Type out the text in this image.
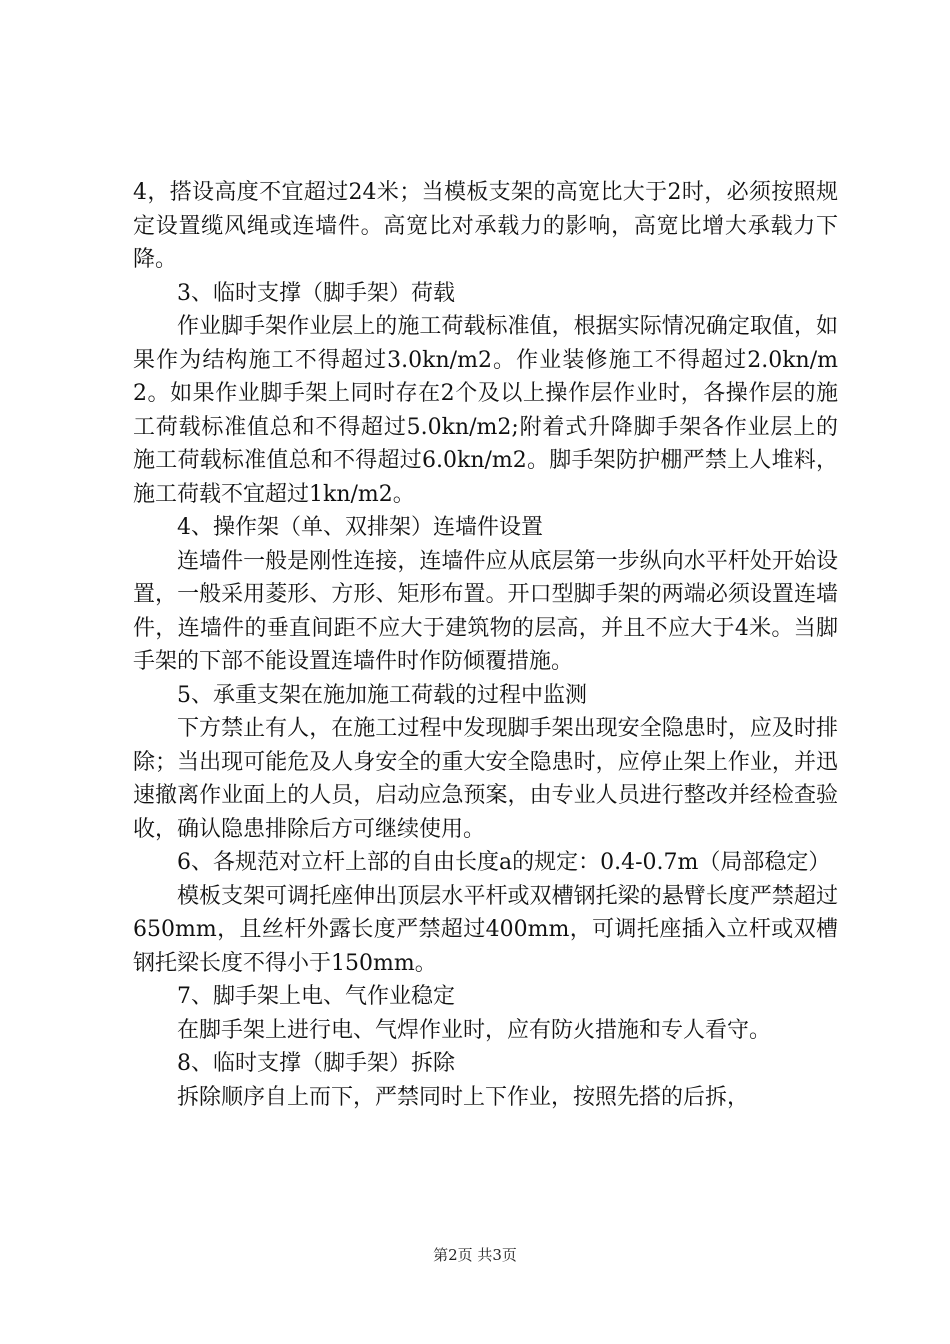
4，搭设高度不宜超过24米；当模板支架的高宽比大于2时，必须按照规定设置缆风绳或连墙件。高宽比对承载力的影响，高宽比增大承载力下降。

3、临时支撑（脚手架）荷载

作业脚手架作业层上的施工荷载标准值，根据实际情况确定取值，如果作为结构施工不得超过3.0kn/m2。作业装修施工不得超过2.0kn/m2。如果作业脚手架上同时存在2个及以上操作层作业时，各操作层的施工荷载标准值总和不得超过5.0kn/m2;附着式升降脚手架各作业层上的施工荷载标准值总和不得超过6.0kn/m2。脚手架防护棚严禁上人堆料，施工荷载不宜超过1kn/m2。

4、操作架（单、双排架）连墙件设置

连墙件一般是刚性连接，连墙件应从底层第一步纵向水平杆处开始设置，一般采用菱形、方形、矩形布置。开口型脚手架的两端必须设置连墙件，连墙件的垂直间距不应大于建筑物的层高，并且不应大于4米。当脚手架的下部不能设置连墙件时作防倾覆措施。

5、承重支架在施加施工荷载的过程中监测

下方禁止有人，在施工过程中发现脚手架出现安全隐患时，应及时排除；当出现可能危及人身安全的重大安全隐患时，应停止架上作业，并迅速撤离作业面上的人员，启动应急预案，由专业人员进行整改并经检查验收，确认隐患排除后方可继续使用。

6、各规范对立杆上部的自由长度a的规定：0.4-0.7m（局部稳定）

模板支架可调托座伸出顶层水平杆或双槽钢托梁的悬臂长度严禁超过650mm，且丝杆外露长度严禁超过400mm，可调托座插入立杆或双槽钢托梁长度不得小于150mm。

7、脚手架上电、气作业稳定

在脚手架上进行电、气焊作业时，应有防火措施和专人看守。

8、临时支撑（脚手架）拆除

拆除顺序自上而下，严禁同时上下作业，按照先搭的后拆，

第2页 共3页
